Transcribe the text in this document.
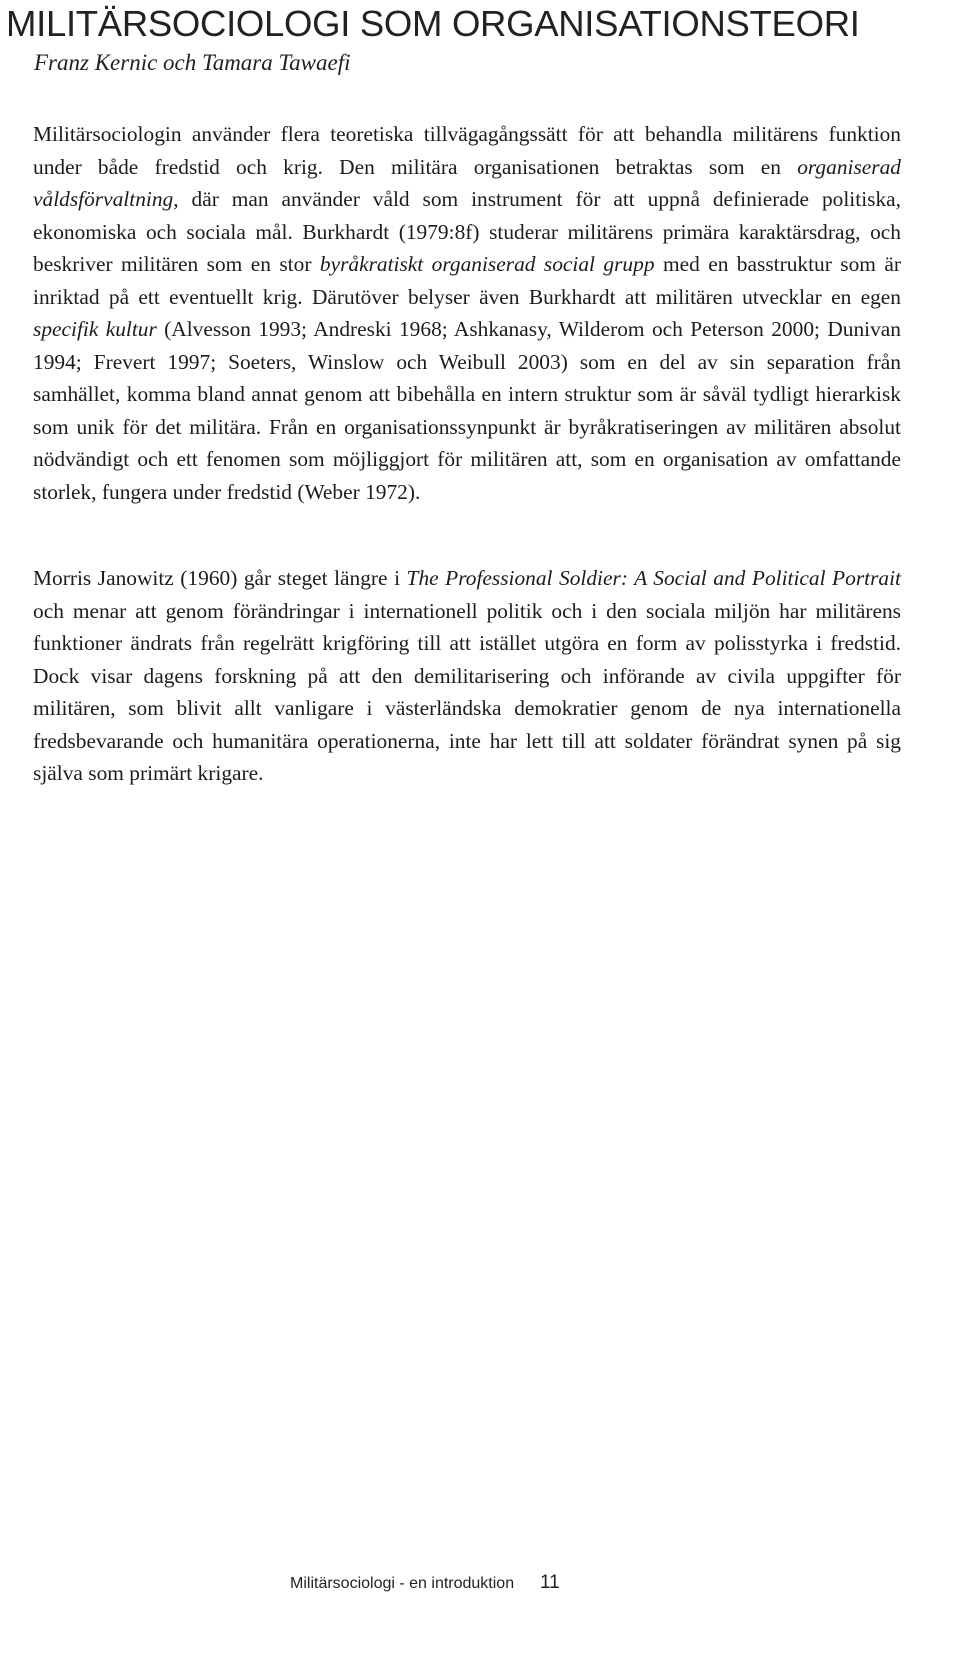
MILITÄRSOCIOLOGI SOM ORGANISATIONSTEORI

Franz Kernic och Tamara Tawaefi

Militärsociologin använder flera teoretiska tillvägagångssätt för att behandla militärens funktion under både fredstid och krig. Den militära organisationen betraktas som en organiserad våldsförvaltning, där man använder våld som instrument för att uppnå definierade politiska, ekonomiska och sociala mål. Burkhardt (1979:8f) studerar militärens primära karaktärsdrag, och beskriver militären som en stor byråkratiskt organiserad social grupp med en basstruktur som är inriktad på ett eventuellt krig. Därutöver belyser även Burkhardt att militären utvecklar en egen specifik kultur (Alvesson 1993; Andreski 1968; Ashkanasy, Wilderom och Peterson 2000; Dunivan 1994; Frevert 1997; Soeters, Winslow och Weibull 2003) som en del av sin separation från samhället, komma bland annat genom att bibehålla en intern struktur som är såväl tydligt hierarkisk som unik för det militära. Från en organisationssynpunkt är byråkratiseringen av militären absolut nödvändigt och ett fenomen som möjliggjort för militären att, som en organisation av omfattande storlek, fungera under fredstid (Weber 1972).

Morris Janowitz (1960) går steget längre i The Professional Soldier: A Social and Political Portrait och menar att genom förändringar i internationell politik och i den sociala miljön har militärens funktioner ändrats från regelrätt krigföring till att istället utgöra en form av polisstyrka i fredstid. Dock visar dagens forskning på att den demilitarisering och införande av civila uppgifter för militären, som blivit allt vanligare i västerländska demokratier genom de nya internationella fredsbevarande och humanitära operationerna, inte har lett till att soldater förändrat synen på sig själva som primärt krigare.

Militärsociologi - en introduktion 11
